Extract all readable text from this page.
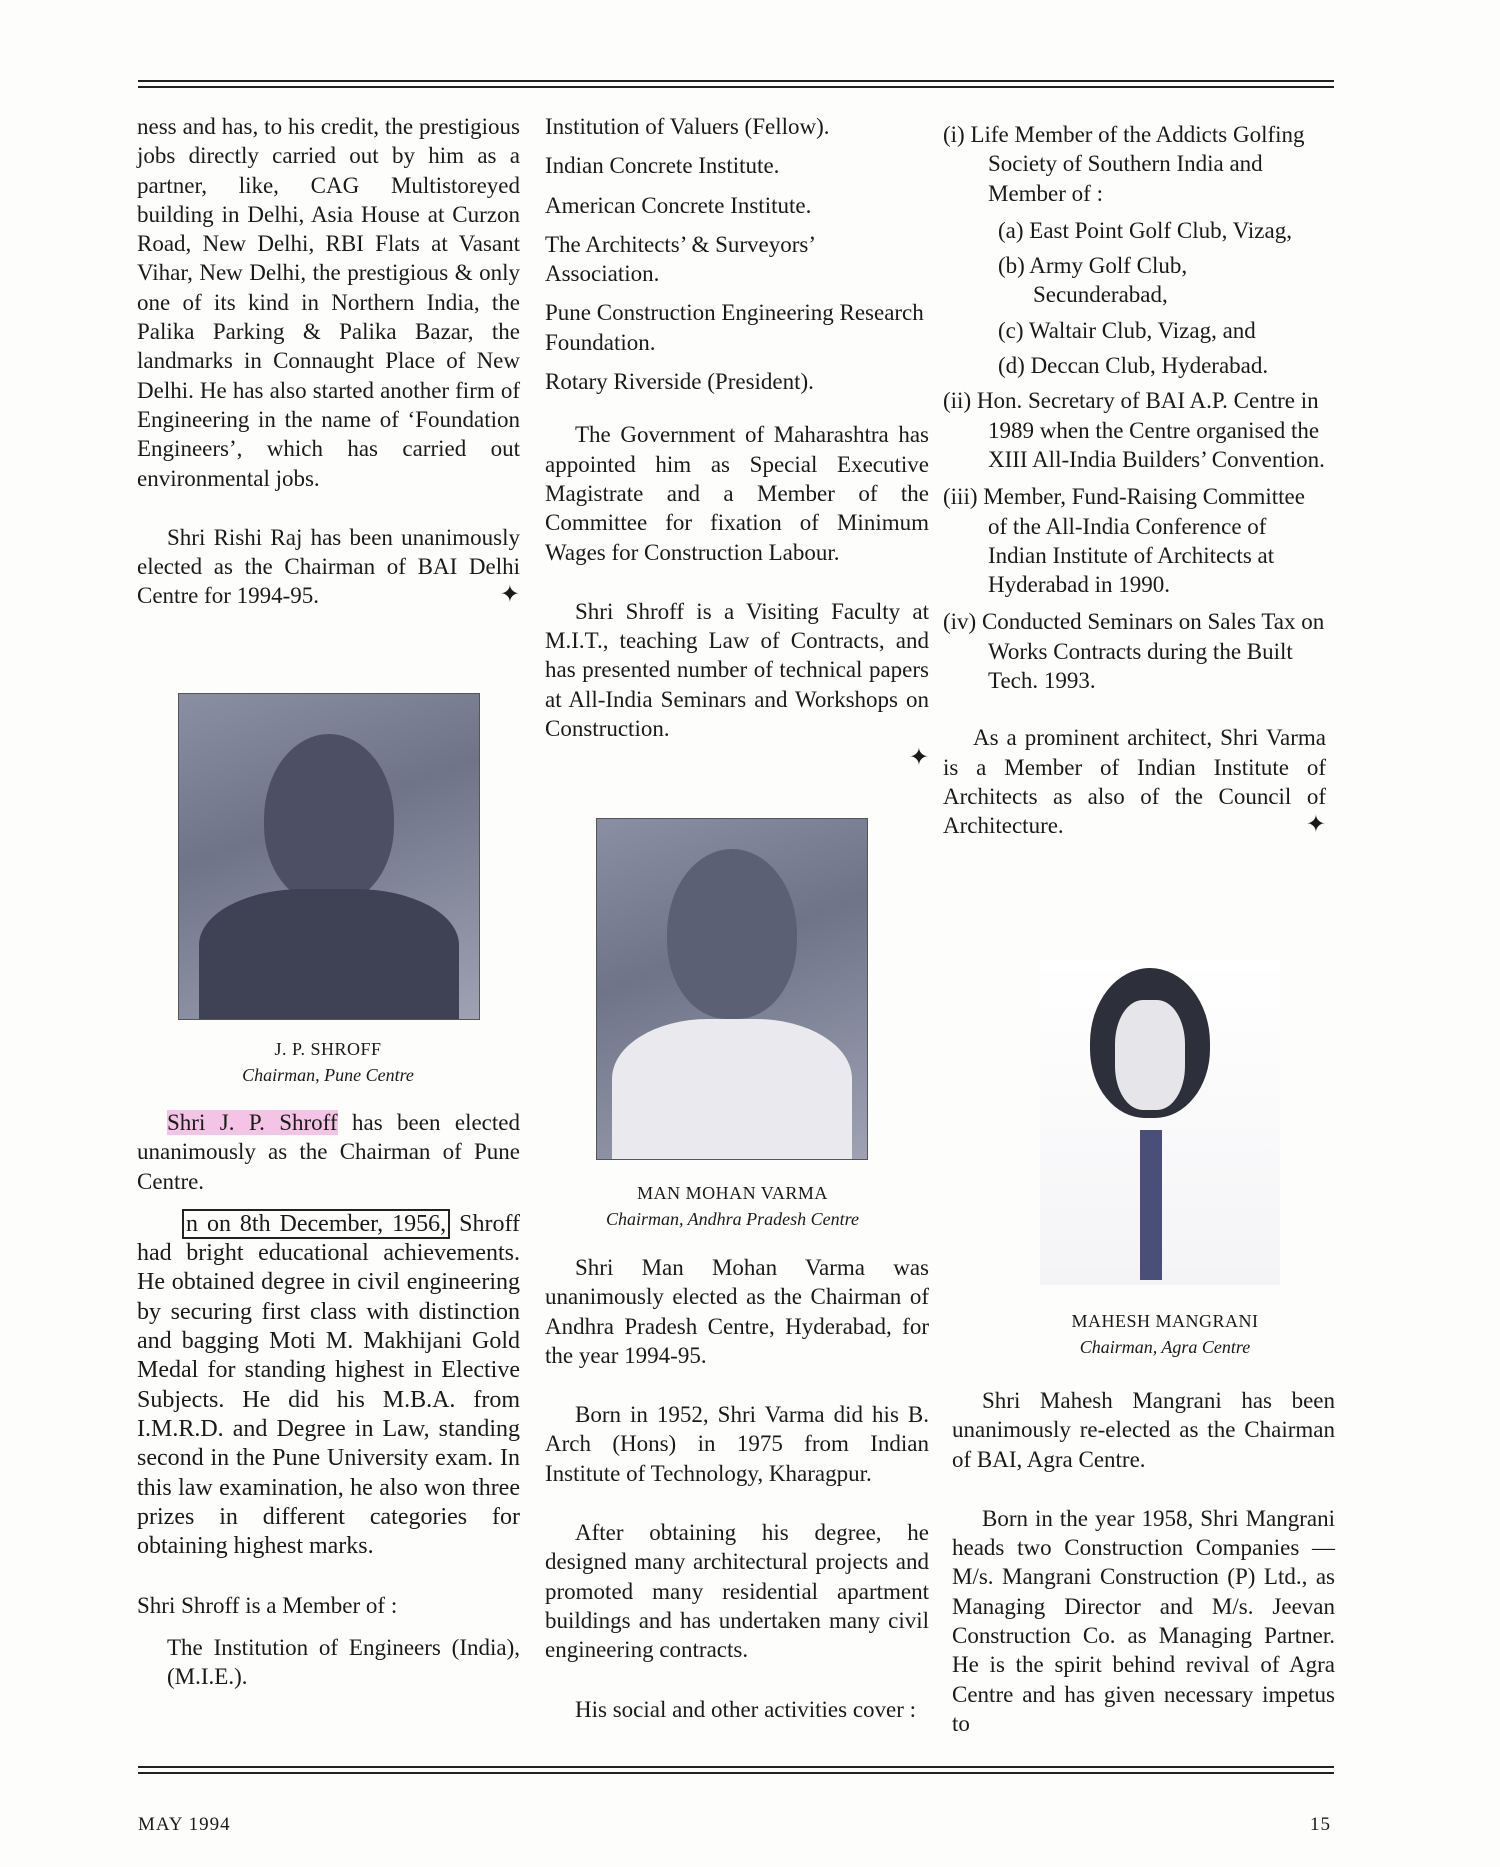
ness and has, to his credit, the prestigious jobs directly carried out by him as a partner, like, CAG Multistoreyed building in Delhi, Asia House at Curzon Road, New Delhi, RBI Flats at Vasant Vihar, New Delhi, the prestigious & only one of its kind in Northern India, the Palika Parking & Palika Bazar, the landmarks in Connaught Place of New Delhi. He has also started another firm of Engineering in the name of ‘Foundation Engineers’, which has carried out environmental jobs.

Shri Rishi Raj has been unanimously elected as the Chairman of BAI Delhi Centre for 1994-95.	✦

J. P. SHROFF
Chairman, Pune Centre

Shri J. P. Shroff has been elected unanimously as the Chairman of Pune Centre.

n on 8th December, 1956, Shroff had bright educational achievements. He obtained degree in civil engineering by securing first class with distinction and bagging Moti M. Makhijani Gold Medal for standing highest in Elective Subjects. He did his M.B.A. from I.M.R.D. and Degree in Law, standing second in the Pune University exam. In this law examination, he also won three prizes in different categories for obtaining highest marks.

Shri Shroff is a Member of :

The Institution of Engineers (India), (M.I.E.).

Institution of Valuers (Fellow).
Indian Concrete Institute.
American Concrete Institute.
The Architects’ & Surveyors’ Association.
Pune Construction Engineering Research Foundation.
Rotary Riverside (President).

The Government of Maharashtra has appointed him as Special Executive Magistrate and a Member of the Committee for fixation of Minimum Wages for Construction Labour.

Shri Shroff is a Visiting Faculty at M.I.T., teaching Law of Contracts, and has presented number of technical papers at All-India Seminars and Workshops on Construction.

✦
MAN MOHAN VARMA
Chairman, Andhra Pradesh Centre

Shri Man Mohan Varma was unanimously elected as the Chairman of Andhra Pradesh Centre, Hyderabad, for the year 1994-95.

Born in 1952, Shri Varma did his B. Arch (Hons) in 1975 from Indian Institute of Technology, Kharagpur.

After obtaining his degree, he designed many architectural projects and promoted many residential apartment buildings and has undertaken many civil engineering contracts.

His social and other activities cover :

(i) Life Member of the Addicts Golfing Society of Southern India and Member of :
(a) East Point Golf Club, Vizag,
(b) Army Golf Club, Secunderabad,
(c) Waltair Club, Vizag, and
(d) Deccan Club, Hyderabad.
(ii) Hon. Secretary of BAI A.P. Centre in 1989 when the Centre organised the XIII All-India Builders’ Convention.
(iii) Member, Fund-Raising Committee of the All-India Conference of Indian Institute of Architects at Hyderabad in 1990.
(iv) Conducted Seminars on Sales Tax on Works Contracts during the Built Tech. 1993.

As a prominent architect, Shri Varma is a Member of Indian Institute of Architects as also of the Council of Architecture.	✦

MAHESH MANGRANI
Chairman, Agra Centre

Shri Mahesh Mangrani has been unanimously re-elected as the Chairman of BAI, Agra Centre.

Born in the year 1958, Shri Mangrani heads two Construction Companies — M/s. Mangrani Construction (P) Ltd., as Managing Director and M/s. Jeevan Construction Co. as Managing Partner. He is the spirit behind revival of Agra Centre and has given necessary impetus to

MAY 1994	15
